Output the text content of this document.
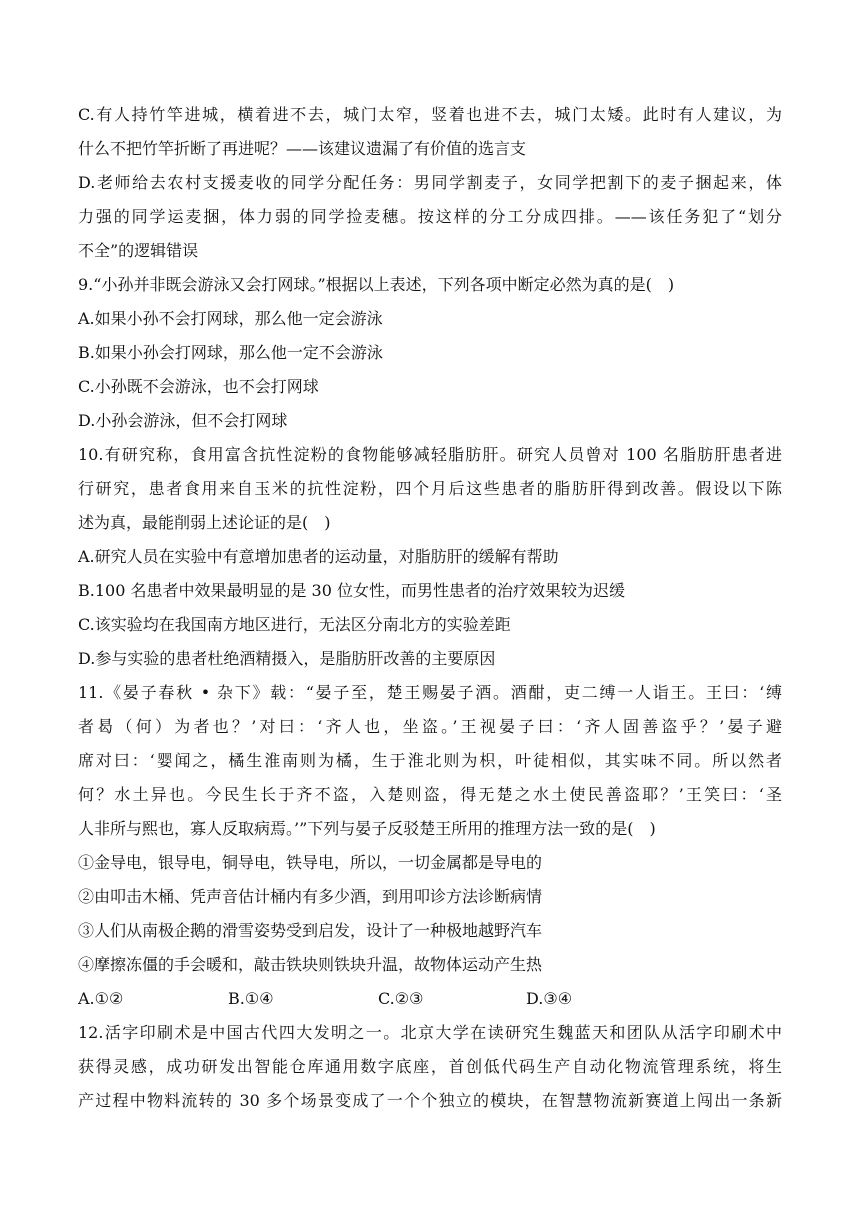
C.有人持竹竿进城，横着进不去，城门太窄，竖着也进不去，城门太矮。此时有人建议，为
什么不把竹竿折断了再进呢？——该建议遗漏了有价值的选言支
D.老师给去农村支援麦收的同学分配任务：男同学割麦子，女同学把割下的麦子捆起来，体
力强的同学运麦捆，体力弱的同学捡麦穗。按这样的分工分成四排。——该任务犯了“划分
不全”的逻辑错误
9.“小孙并非既会游泳又会打网球。”根据以上表述，下列各项中断定必然为真的是(　)
A.如果小孙不会打网球，那么他一定会游泳
B.如果小孙会打网球，那么他一定不会游泳
C.小孙既不会游泳，也不会打网球
D.小孙会游泳，但不会打网球
10.有研究称，食用富含抗性淀粉的食物能够减轻脂肪肝。研究人员曾对 100 名脂肪肝患者进
行研究，患者食用来自玉米的抗性淀粉，四个月后这些患者的脂肪肝得到改善。假设以下陈
述为真，最能削弱上述论证的是(　)
A.研究人员在实验中有意增加患者的运动量，对脂肪肝的缓解有帮助
B.100 名患者中效果最明显的是 30 位女性，而男性患者的治疗效果较为迟缓
C.该实验均在我国南方地区进行，无法区分南北方的实验差距
D.参与实验的患者杜绝酒精摄入，是脂肪肝改善的主要原因
11.《晏子春秋 • 杂下》载：“晏子至，楚王赐晏子酒。酒酣，吏二缚一人诣王。王曰：‘缚
者曷（何）为者也？’对曰：‘齐人也，坐盗。’王视晏子曰：‘齐人固善盗乎？’晏子避
席对曰：‘婴闻之，橘生淮南则为橘，生于淮北则为枳，叶徒相似，其实味不同。所以然者
何？水土异也。今民生长于齐不盗，入楚则盗，得无楚之水土使民善盗耶？’王笑曰：‘圣
人非所与熙也，寡人反取病焉。’”下列与晏子反驳楚王所用的推理方法一致的是(　)
①金导电，银导电，铜导电，铁导电，所以，一切金属都是导电的
②由叩击木桶、凭声音估计桶内有多少酒，到用叩诊方法诊断病情
③人们从南极企鹅的滑雪姿势受到启发，设计了一种极地越野汽车
④摩擦冻僵的手会暖和，敲击铁块则铁块升温，故物体运动产生热
A.①②	B.①④	C.②③	D.③④
12.活字印刷术是中国古代四大发明之一。北京大学在读研究生魏蓝天和团队从活字印刷术中
获得灵感，成功研发出智能仓库通用数字底座，首创低代码生产自动化物流管理系统，将生
产过程中物料流转的 30 多个场景变成了一个个独立的模块，在智慧物流新赛道上闯出一条新
